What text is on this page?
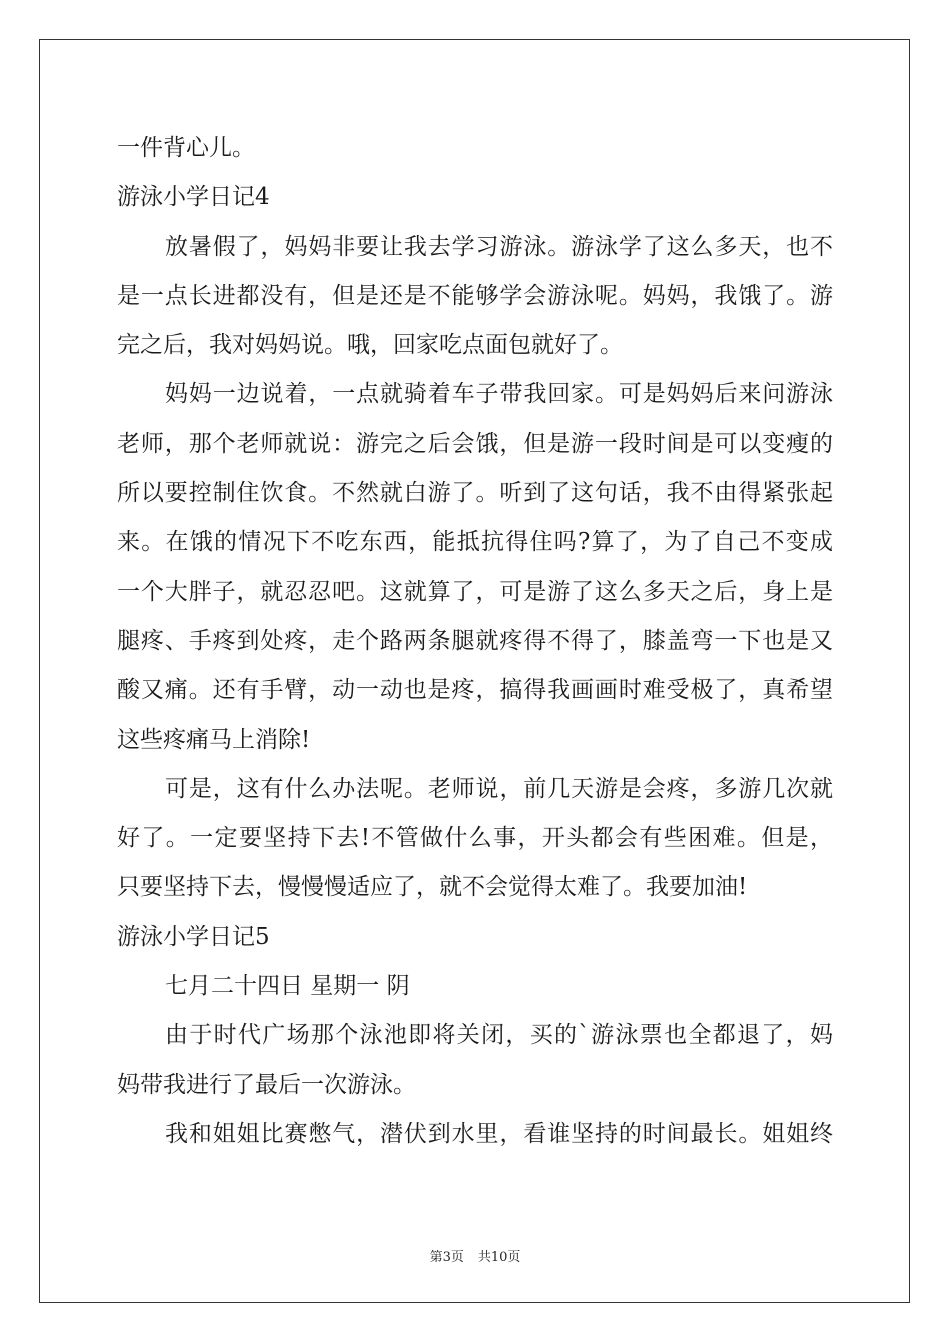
一件背心儿。
游泳小学日记4
放暑假了，妈妈非要让我去学习游泳。游泳学了这么多天，也不
是一点长进都没有，但是还是不能够学会游泳呢。妈妈，我饿了。游
完之后，我对妈妈说。哦，回家吃点面包就好了。
妈妈一边说着，一点就骑着车子带我回家。可是妈妈后来问游泳
老师，那个老师就说：游完之后会饿，但是游一段时间是可以变瘦的
所以要控制住饮食。不然就白游了。听到了这句话，我不由得紧张起
来。在饿的情况下不吃东西，能抵抗得住吗?算了，为了自己不变成
一个大胖子，就忍忍吧。这就算了，可是游了这么多天之后，身上是
腿疼、手疼到处疼，走个路两条腿就疼得不得了，膝盖弯一下也是又
酸又痛。还有手臂，动一动也是疼，搞得我画画时难受极了，真希望
这些疼痛马上消除!
可是，这有什么办法呢。老师说，前几天游是会疼，多游几次就
好了。一定要坚持下去!不管做什么事，开头都会有些困难。但是，
只要坚持下去，慢慢慢适应了，就不会觉得太难了。我要加油!
游泳小学日记5
七月二十四日 星期一 阴
由于时代广场那个泳池即将关闭，买的`游泳票也全都退了，妈
妈带我进行了最后一次游泳。
我和姐姐比赛憋气，潜伏到水里，看谁坚持的时间最长。姐姐终
第3页 共10页
